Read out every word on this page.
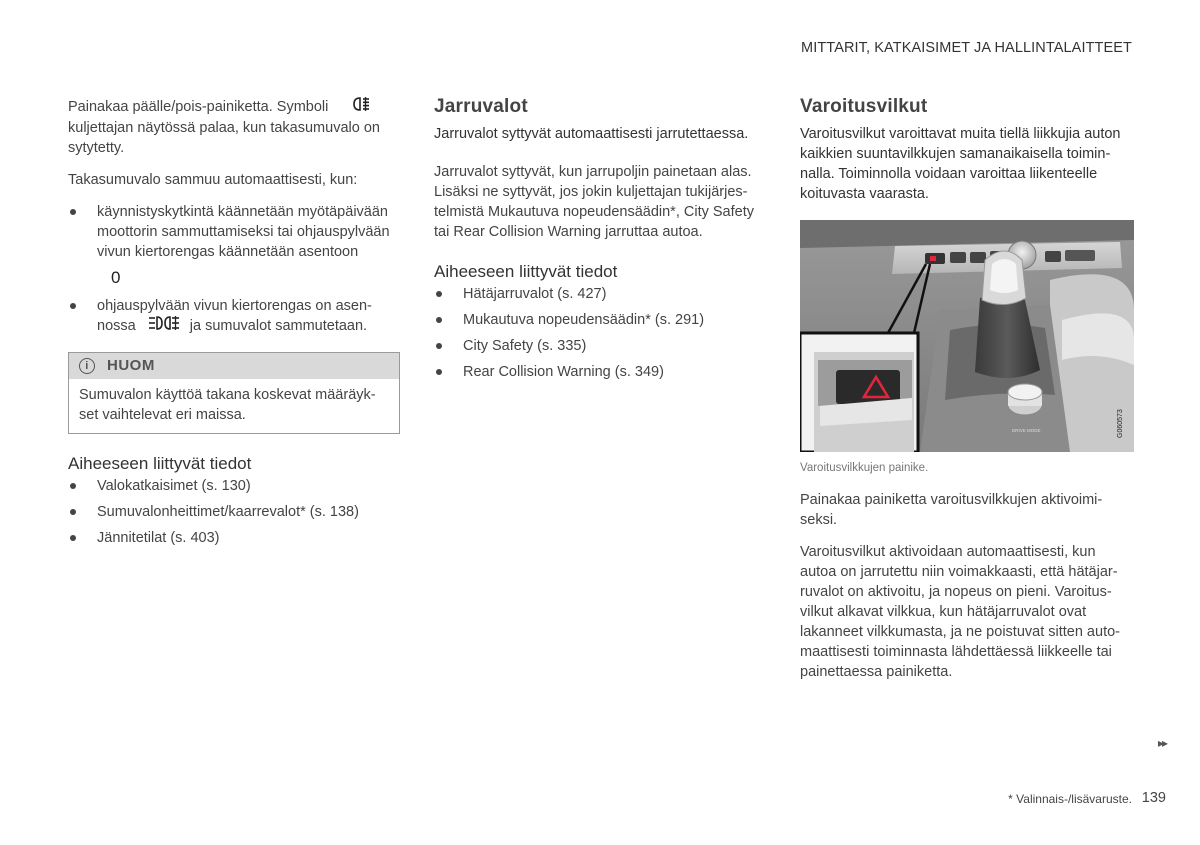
MITTARIT, KATKAISIMET JA HALLINTALAITTEET

Painakaa päälle/pois-painiketta. Symboli  kuljettajan näytössä palaa, kun takasumuvalo on sytytetty.

Takasumuvalo sammuu automaattisesti, kun:

käynnistyskytkintä käännetään myötäpäivään moottorin sammuttamiseksi tai ohjauspylvään vivun kiertorengas käännetään asentoon
0
ohjauspylvään vivun kiertorengas on asen-nossa	ja sumuvalot sammutetaan.
i	HUOM
Sumuvalon käyttöä takana koskevat määräyk-set vaihtelevat eri maissa.
Aiheeseen liittyvät tiedot
Valokatkaisimet (s. 130)
Sumuvalonheittimet/kaarrevalot* (s. 138)
Jännitetilat (s. 403)
Jarruvalot

Jarruvalot syttyvät automaattisesti jarrutettaessa.

Jarruvalot syttyvät, kun jarrupoljin painetaan alas. Lisäksi ne syttyvät, jos jokin kuljettajan tukijärjes-telmistä Mukautuva nopeudensäädin*, City Safety tai Rear Collision Warning jarruttaa autoa.

Aiheeseen liittyvät tiedot
Hätäjarruvalot (s. 427)
Mukautuva nopeudensäädin* (s. 291)
City Safety (s. 335)
Rear Collision Warning (s. 349)
Varoitusvilkut

Varoitusvilkut varoittavat muita tiellä liikkujia auton kaikkien suuntavilkkujen samanaikaisella toimin-nalla. Toiminnolla voidaan varoittaa liikenteelle koituvasta vaarasta.

DRIVE MODE	G060573
Varoitusvilkkujen painike.

Painakaa painiketta varoitusvilkkujen aktivoimi-seksi.

Varoitusvilkut aktivoidaan automaattisesti, kun autoa on jarrutettu niin voimakkaasti, että hätäjar-ruvalot on aktivoitu, ja nopeus on pieni. Varoitus-vilkut alkavat vilkkua, kun hätäjarruvalot ovat lakanneet vilkkumasta, ja ne poistuvat sitten auto-maattisesti toiminnasta lähdettäessä liikkeelle tai painettaessa painiketta.

▸▸
* Valinnais-/lisävaruste. 139
